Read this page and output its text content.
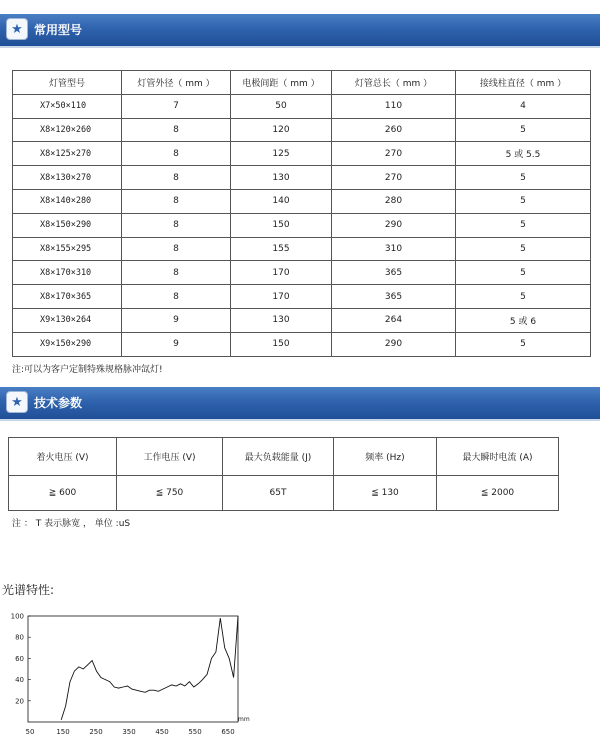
★ 常用型号
灯管型号	灯管外径（ mm ）	电极间距（ mm ）	灯管总长（ mm ）	接线柱直径（ mm ）
X7×50×110	7	50	110	4
X8×120×260	8	120	260	5
X8×125×270	8	125	270	5 或 5.5
X8×130×270	8	130	270	5
X8×140×280	8	140	280	5
X8×150×290	8	150	290	5
X8×155×295	8	155	310	5
X8×170×310	8	170	365	5
X8×170×365	8	170	365	5
X9×130×264	9	130	264	5 或 6
X9×150×290	9	150	290	5
注:可以为客户定制特殊规格脉冲氙灯!
★ 技术参数
着火电压 (V)	工作电压 (V)	最大负载能量 (J)	频率 (Hz)	最大瞬时电流 (A)
≧ 600	≦ 750	65T	≦ 130	≦ 2000
注 ： T 表示脉宽 ， 单位 :uS
光谱特性:
20
40
60
80
100
50	150	250	350	450	550	650
mm
